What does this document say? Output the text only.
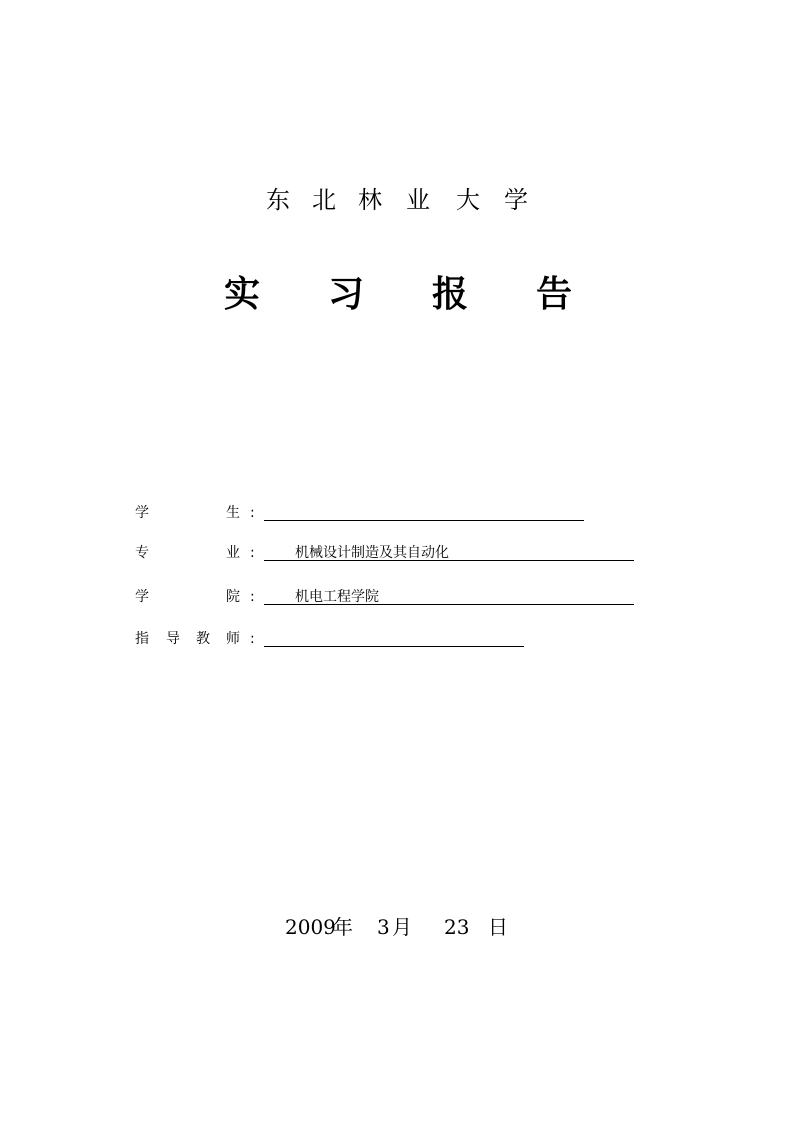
东 北 林 业 大 学
实 习 报 告
学	生 :
专	业 :	机械设计制造及其自动化
学	院 :	机电工程学院
指 导 教 师 :
2009
年 3 月 23 日
